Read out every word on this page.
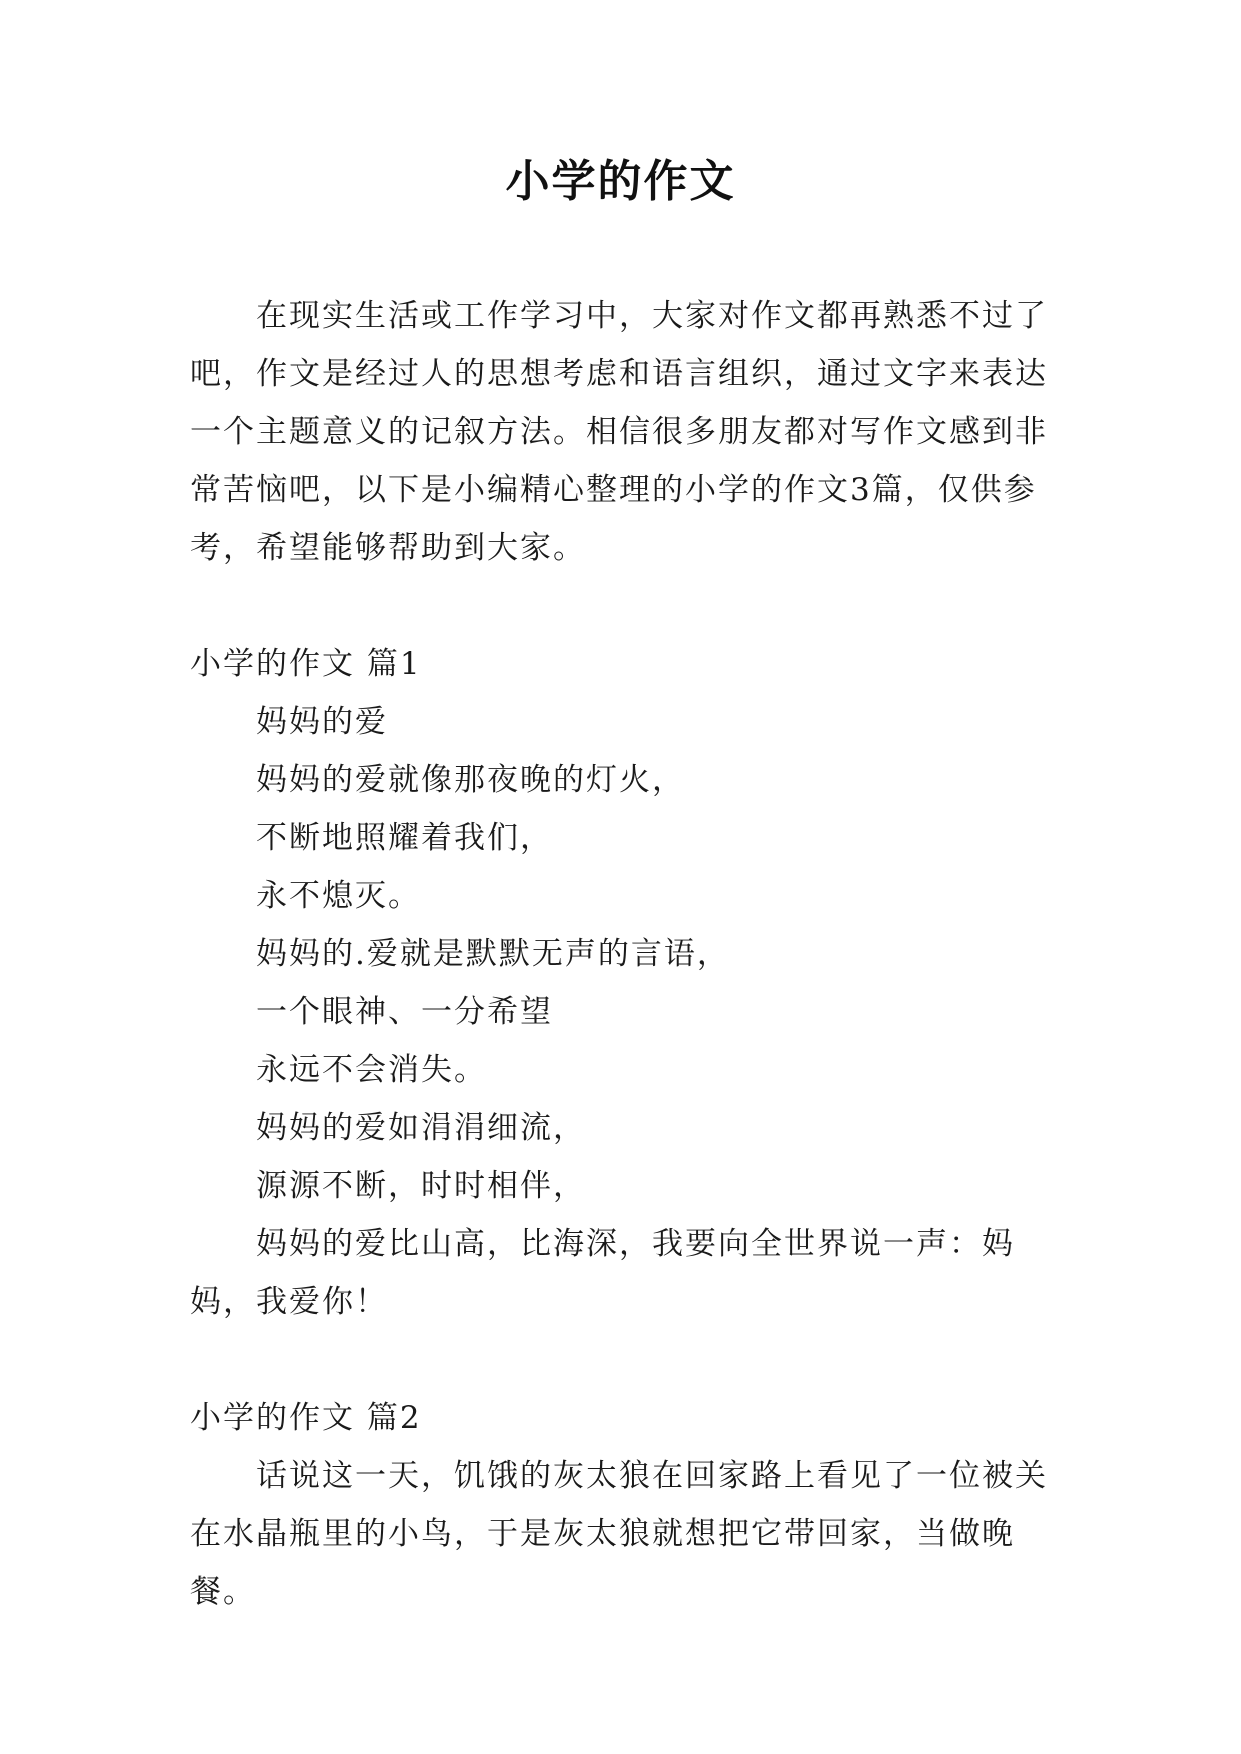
小学的作文

在现实生活或工作学习中，大家对作文都再熟悉不过了吧，作文是经过人的思想考虑和语言组织，通过文字来表达一个主题意义的记叙方法。相信很多朋友都对写作文感到非常苦恼吧，以下是小编精心整理的小学的作文3篇，仅供参考，希望能够帮助到大家。

小学的作文 篇1

妈妈的爱

妈妈的爱就像那夜晚的灯火，

不断地照耀着我们，

永不熄灭。

妈妈的.爱就是默默无声的言语，

一个眼神、一分希望

永远不会消失。

妈妈的爱如涓涓细流，

源源不断，时时相伴，

妈妈的爱比山高，比海深，我要向全世界说一声：妈妈，我爱你！

小学的作文 篇2

话说这一天，饥饿的灰太狼在回家路上看见了一位被关在水晶瓶里的小鸟，于是灰太狼就想把它带回家，当做晚餐。
